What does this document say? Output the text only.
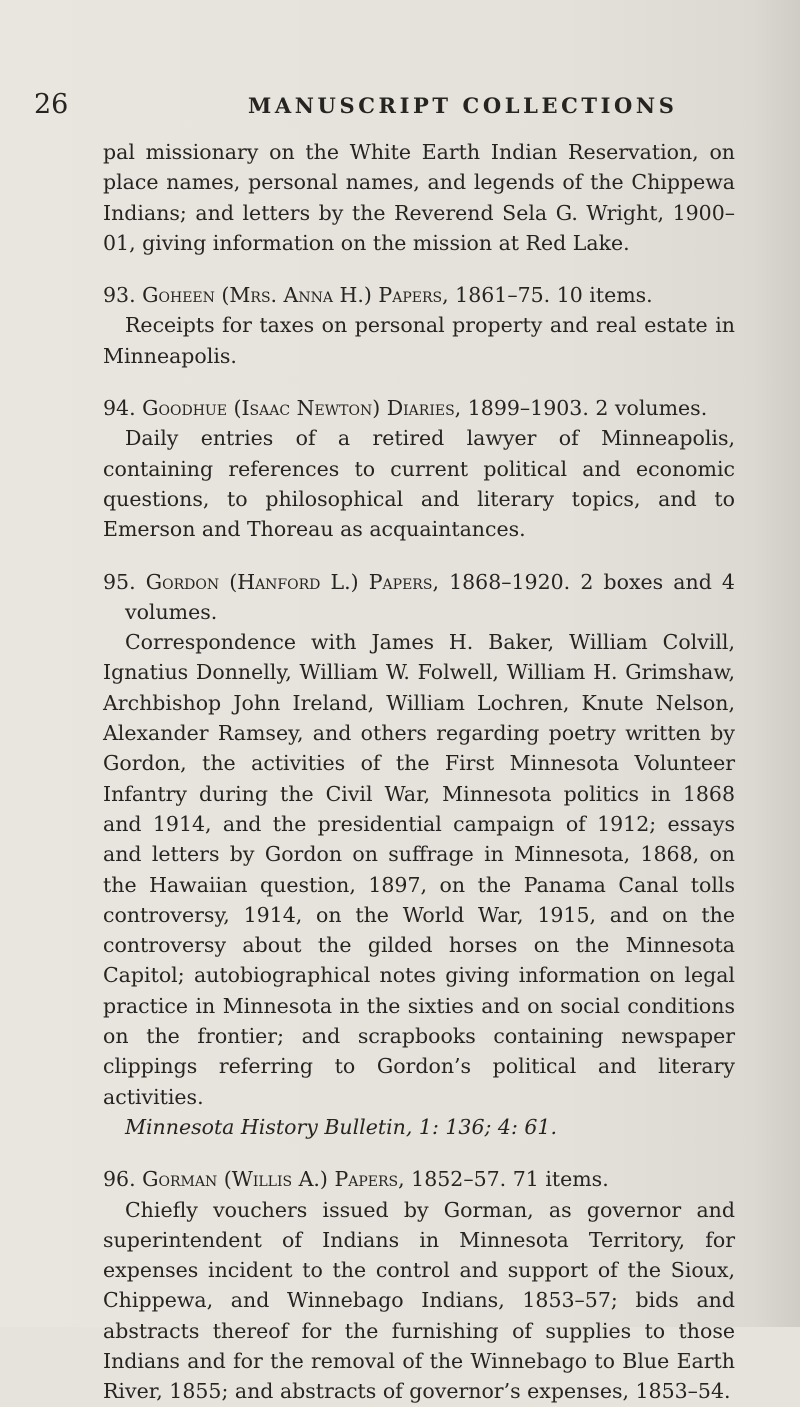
26	MANUSCRIPT COLLECTIONS

pal missionary on the White Earth Indian Reservation, on place names, personal names, and legends of the Chippewa Indians; and letters by the Reverend Sela G. Wright, 1900–01, giving information on the mission at Red Lake.

93. Goheen (Mrs. Anna H.) Papers, 1861–75. 10 items.

Receipts for taxes on personal property and real estate in Minneapolis.

94. Goodhue (Isaac Newton) Diaries, 1899–1903. 2 volumes.

Daily entries of a retired lawyer of Minneapolis, containing references to current political and economic questions, to philosophical and literary topics, and to Emerson and Thoreau as acquaintances.

95. Gordon (Hanford L.) Papers, 1868–1920. 2 boxes and 4 volumes.

Correspondence with James H. Baker, William Colvill, Ignatius Donnelly, William W. Folwell, William H. Grimshaw, Archbishop John Ireland, William Lochren, Knute Nelson, Alexander Ramsey, and others regarding poetry written by Gordon, the activities of the First Minnesota Volunteer Infantry during the Civil War, Minnesota politics in 1868 and 1914, and the presidential campaign of 1912; essays and letters by Gordon on suffrage in Minnesota, 1868, on the Hawaiian question, 1897, on the Panama Canal tolls controversy, 1914, on the World War, 1915, and on the controversy about the gilded horses on the Minnesota Capitol; autobiographical notes giving information on legal practice in Minnesota in the sixties and on social conditions on the frontier; and scrapbooks containing newspaper clippings referring to Gordon’s political and literary activities.

Minnesota History Bulletin, 1: 136; 4: 61.

96. Gorman (Willis A.) Papers, 1852–57. 71 items.

Chiefly vouchers issued by Gorman, as governor and superintendent of Indians in Minnesota Territory, for expenses incident to the control and support of the Sioux, Chippewa, and Winnebago Indians, 1853–57; bids and abstracts thereof for the furnishing of supplies to those Indians and for the removal of the Winnebago to Blue Earth River, 1855; and abstracts of governor’s expenses, 1853–54.
